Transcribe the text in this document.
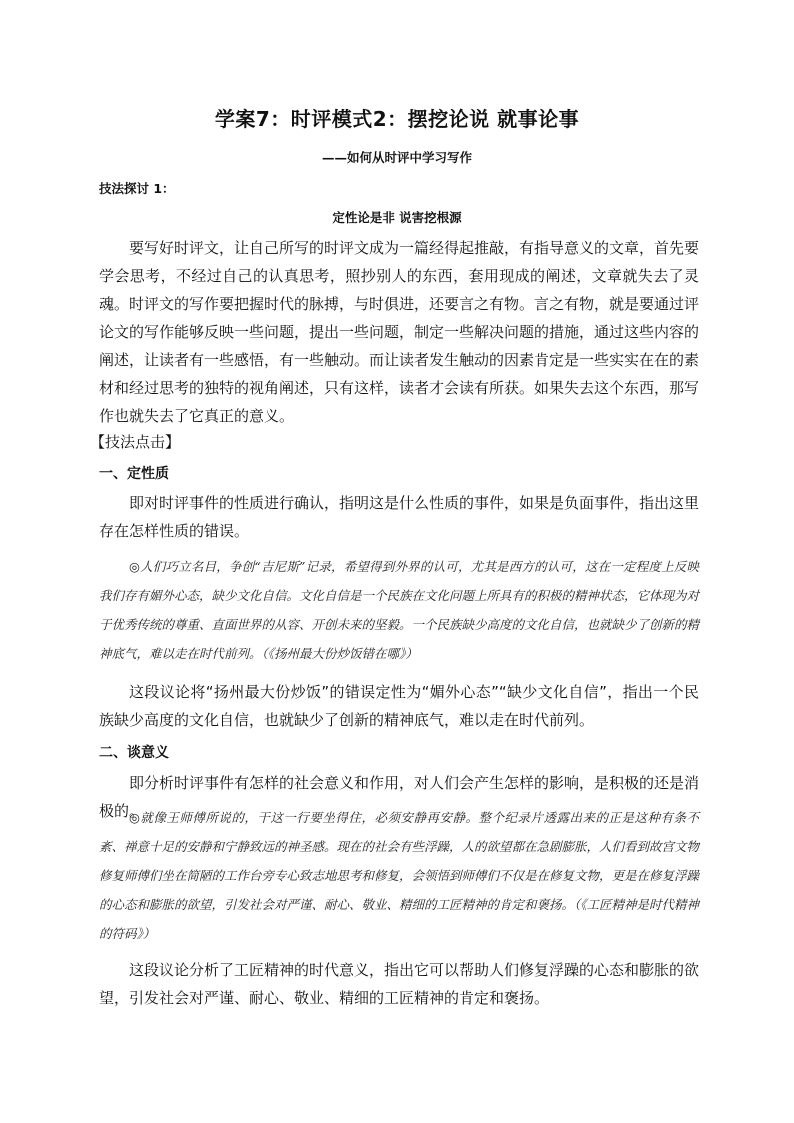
学案7：时评模式2：摆挖论说 就事论事
——如何从时评中学习写作
技法探讨 1：
定性论是非 说害挖根源

要写好时评文，让自己所写的时评文成为一篇经得起推敲，有指导意义的文章，首先要学会思考，不经过自己的认真思考，照抄别人的东西，套用现成的阐述，文章就失去了灵魂。时评文的写作要把握时代的脉搏，与时俱进，还要言之有物。言之有物，就是要通过评论文的写作能够反映一些问题，提出一些问题，制定一些解决问题的措施，通过这些内容的阐述，让读者有一些感悟，有一些触动。而让读者发生触动的因素肯定是一些实实在在的素材和经过思考的独特的视角阐述，只有这样，读者才会读有所获。如果失去这个东西，那写作也就失去了它真正的意义。

【技法点击】
一、定性质

即对时评事件的性质进行确认，指明这是什么性质的事件，如果是负面事件，指出这里存在怎样性质的错误。

◎人们巧立名目，争创“吉尼斯”记录，希望得到外界的认可，尤其是西方的认可，这在一定程度上反映我们存有媚外心态，缺少文化自信。文化自信是一个民族在文化问题上所具有的积极的精神状态，它体现为对于优秀传统的尊重、直面世界的从容、开创未来的坚毅。一个民族缺少高度的文化自信，也就缺少了创新的精神底气，难以走在时代前列。（《扬州最大份炒饭错在哪》）

这段议论将“扬州最大份炒饭”的错误定性为“媚外心态”“缺少文化自信”，指出一个民族缺少高度的文化自信，也就缺少了创新的精神底气，难以走在时代前列。

二、谈意义

即分析时评事件有怎样的社会意义和作用，对人们会产生怎样的影响，是积极的还是消极的。

◎就像王师傅所说的，干这一行要坐得住，必须安静再安静。整个纪录片透露出来的正是这种有条不紊、禅意十足的安静和宁静致远的神圣感。现在的社会有些浮躁，人的欲望都在急剧膨胀，人们看到故宫文物修复师傅们坐在简陋的工作台旁专心致志地思考和修复，会领悟到师傅们不仅是在修复文物，更是在修复浮躁的心态和膨胀的欲望，引发社会对严谨、耐心、敬业、精细的工匠精神的肯定和褒扬。（《工匠精神是时代精神的符码》）

这段议论分析了工匠精神的时代意义，指出它可以帮助人们修复浮躁的心态和膨胀的欲望，引发社会对严谨、耐心、敬业、精细的工匠精神的肯定和褒扬。
